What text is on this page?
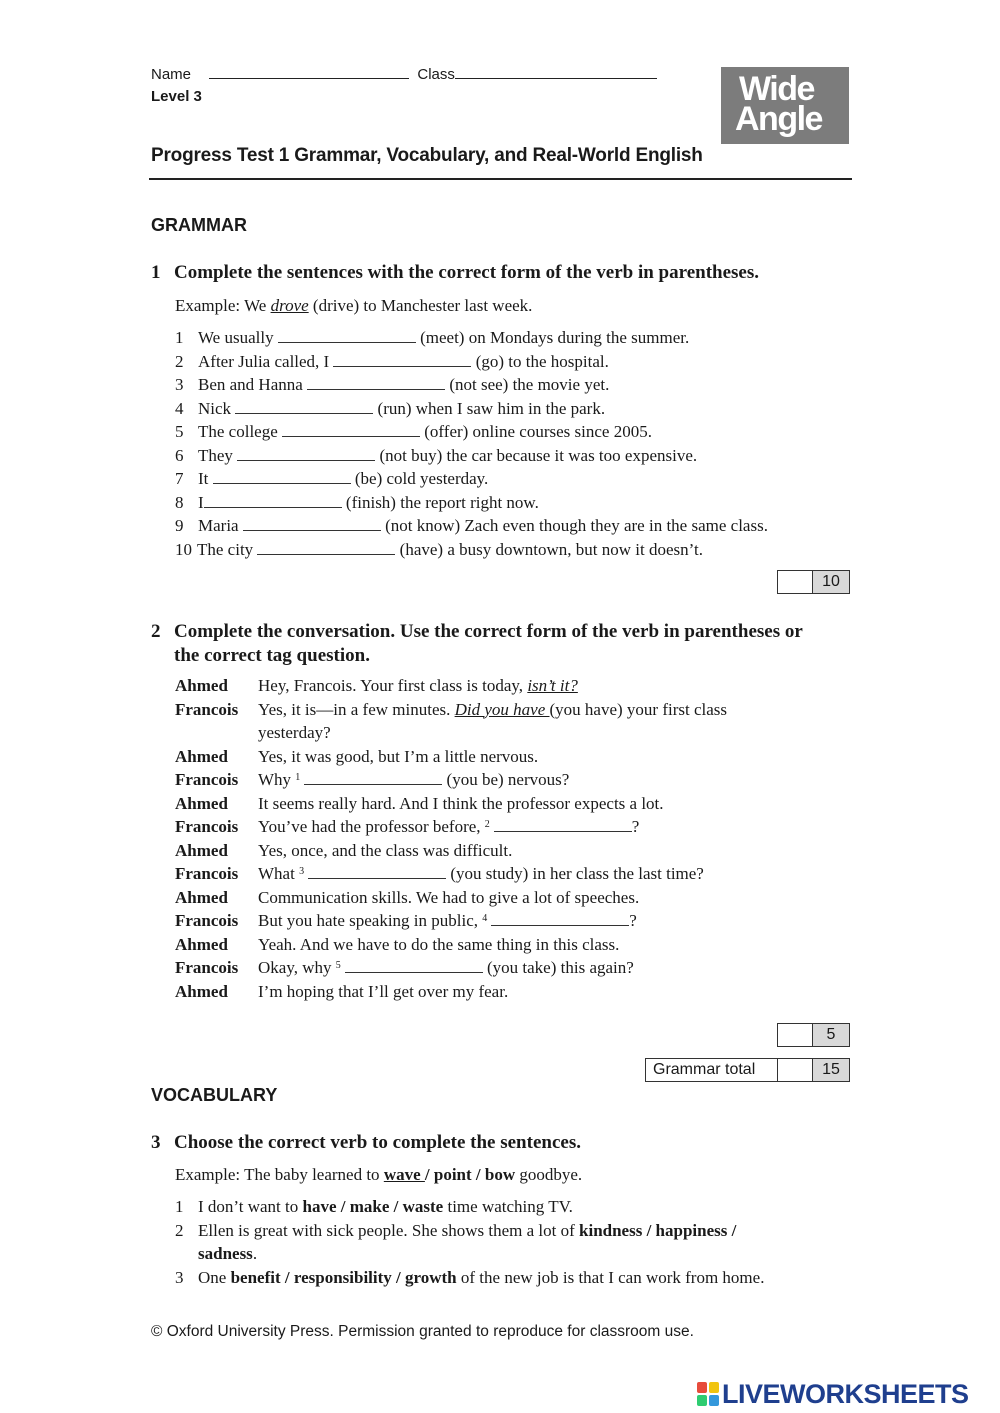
Name	Class
Level 3	Wide
Angle
Progress Test 1 Grammar, Vocabulary, and Real-World English
GRAMMAR
1 Complete the sentences with the correct form of the verb in parentheses.
Example: We drove (drive) to Manchester last week.
1 We usually	(meet) on Mondays during the summer.
2 After Julia called, I	(go) to the hospital.
3 Ben and Hanna	(not see) the movie yet.
4 Nick	(run) when I saw him in the park.
5 The college	(offer) online courses since 2005.
6 They	(not buy) the car because it was too expensive.
7 It	(be) cold yesterday.
8 I	(finish) the report right now.
9 Maria	(not know) Zach even though they are in the same class.
10 The city	(have) a busy downtown, but now it doesn’t.
10
2 Complete the conversation. Use the correct form of the verb in parentheses or
the correct tag question.
Ahmed Hey, Francois. Your first class is today, isn’t it?
Francois Yes, it is—in a few minutes. Did you have (you have) your first class
yesterday?
Ahmed Yes, it was good, but I’m a little nervous.
Francois Why $^1$	(you be) nervous?
Ahmed It seems really hard. And I think the professor expects a lot.
Francois You’ve had the professor before, $^2$	?
Ahmed Yes, once, and the class was difficult.
Francois What $^3$	(you study) in her class the last time?
Ahmed Communication skills. We had to give a lot of speeches.
Francois But you hate speaking in public, $^4$	?
Ahmed Yeah. And we have to do the same thing in this class.
Francois Okay, why $^5$	(you take) this again?
Ahmed I’m hoping that I’ll get over my fear.
5
Grammar total	15
VOCABULARY
3 Choose the correct verb to complete the sentences.
Example: The baby learned to wave / point / bow goodbye.
1 I don’t want to have / make / waste time watching TV.
2 Ellen is great with sick people. She shows them a lot of kindness / happiness /
sadness.
3 One benefit / responsibility / growth of the new job is that I can work from home.
© Oxford University Press. Permission granted to reproduce for classroom use.
LIVEWORKSHEETS
